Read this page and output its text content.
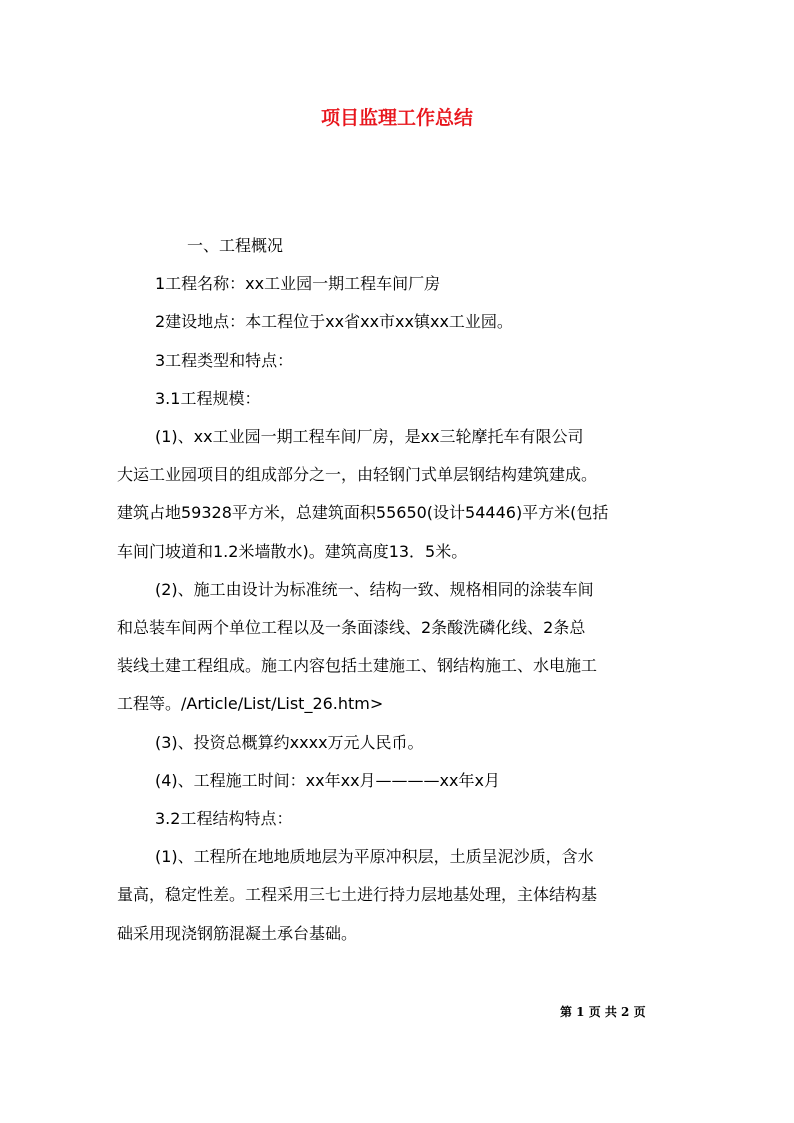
项目监理工作总结

一、工程概况

1工程名称：xx工业园一期工程车间厂房

2建设地点：本工程位于xx省xx市xx镇xx工业园。

3工程类型和特点：

3.1工程规模：

(1)、xx工业园一期工程车间厂房，是xx三轮摩托车有限公司

大运工业园项目的组成部分之一，由轻钢门式单层钢结构建筑建成。

建筑占地59328平方米，总建筑面积55650(设计54446)平方米(包括

车间门坡道和1.2米墙散水)。建筑高度13．5米。

(2)、施工由设计为标准统一、结构一致、规格相同的涂装车间

和总装车间两个单位工程以及一条面漆线、2条酸洗磷化线、2条总

装线土建工程组成。施工内容包括土建施工、钢结构施工、水电施工

工程等。/Article/List/List_26.htm>

(3)、投资总概算约xxxx万元人民币。

(4)、工程施工时间：xx年xx月————xx年x月

3.2工程结构特点：

(1)、工程所在地地质地层为平原冲积层，土质呈泥沙质，含水

量高，稳定性差。工程采用三七土进行持力层地基处理，主体结构基

础采用现浇钢筋混凝土承台基础。

第 1 页 共 2 页
